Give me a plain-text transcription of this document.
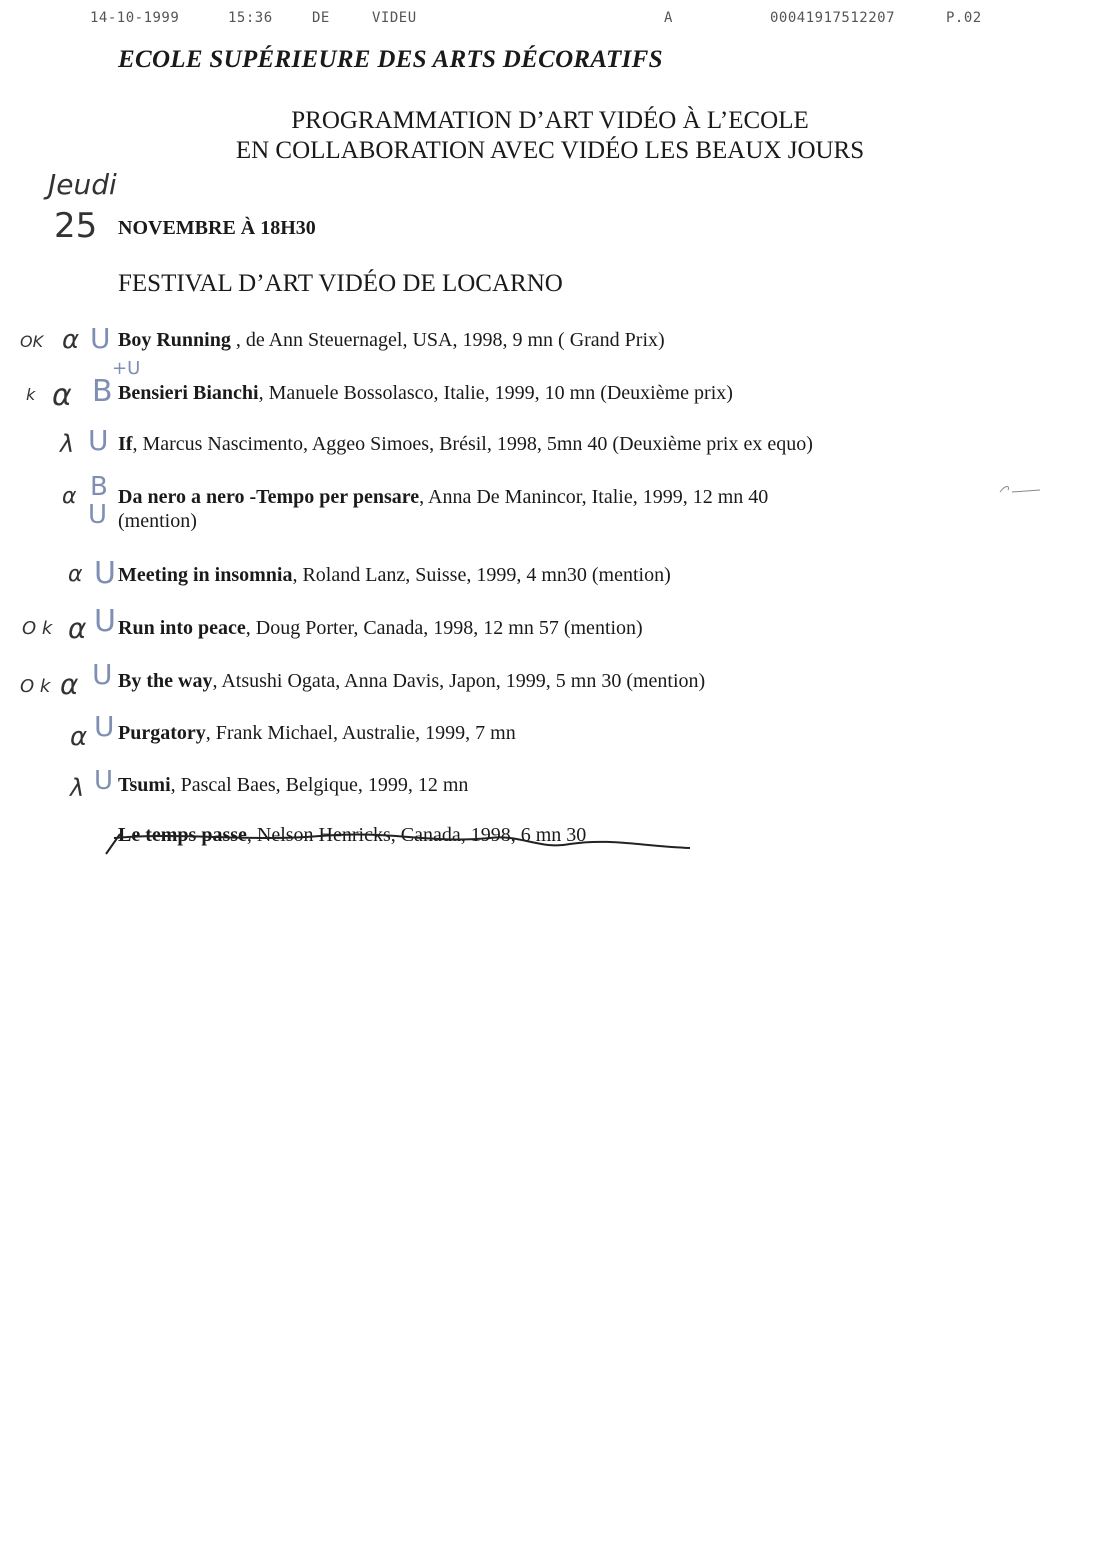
14-10-1999	15:36	DE	VIDEU	A	00041917512207	P.02
ECOLE SUPÉRIEURE DES ARTS DÉCORATIFS
PROGRAMMATION D’ART VIDÉO À L’ECOLE
EN COLLABORATION AVEC VIDÉO LES BEAUX JOURS
Jeudi
25 NOVEMBRE À 18H30
FESTIVAL D’ART VIDÉO DE LOCARNO
OK α U Boy Running , de Ann Steuernagel, USA, 1998, 9 mn ( Grand Prix)
k α B
+U
Bensieri Bianchi, Manuele Bossolasco, Italie, 1999, 10 mn (Deuxième prix)
λ U If, Marcus Nascimento, Aggeo Simoes, Brésil, 1998, 5mn 40 (Deuxième prix ex equo)
α B
U
Da nero a nero -Tempo per pensare, Anna De Manincor, Italie, 1999, 12 mn 40
(mention)
α U Meeting in insomnia, Roland Lanz, Suisse, 1999, 4 mn30 (mention)
O k α U Run into peace, Doug Porter, Canada, 1998, 12 mn 57 (mention)
O k α U By the way, Atsushi Ogata, Anna Davis, Japon, 1999, 5 mn 30 (mention)
α U Purgatory, Frank Michael, Australie, 1999, 7 mn
λ U Tsumi, Pascal Baes, Belgique, 1999, 12 mn
Le temps passe, Nelson Henricks, Canada, 1998, 6 mn 30
